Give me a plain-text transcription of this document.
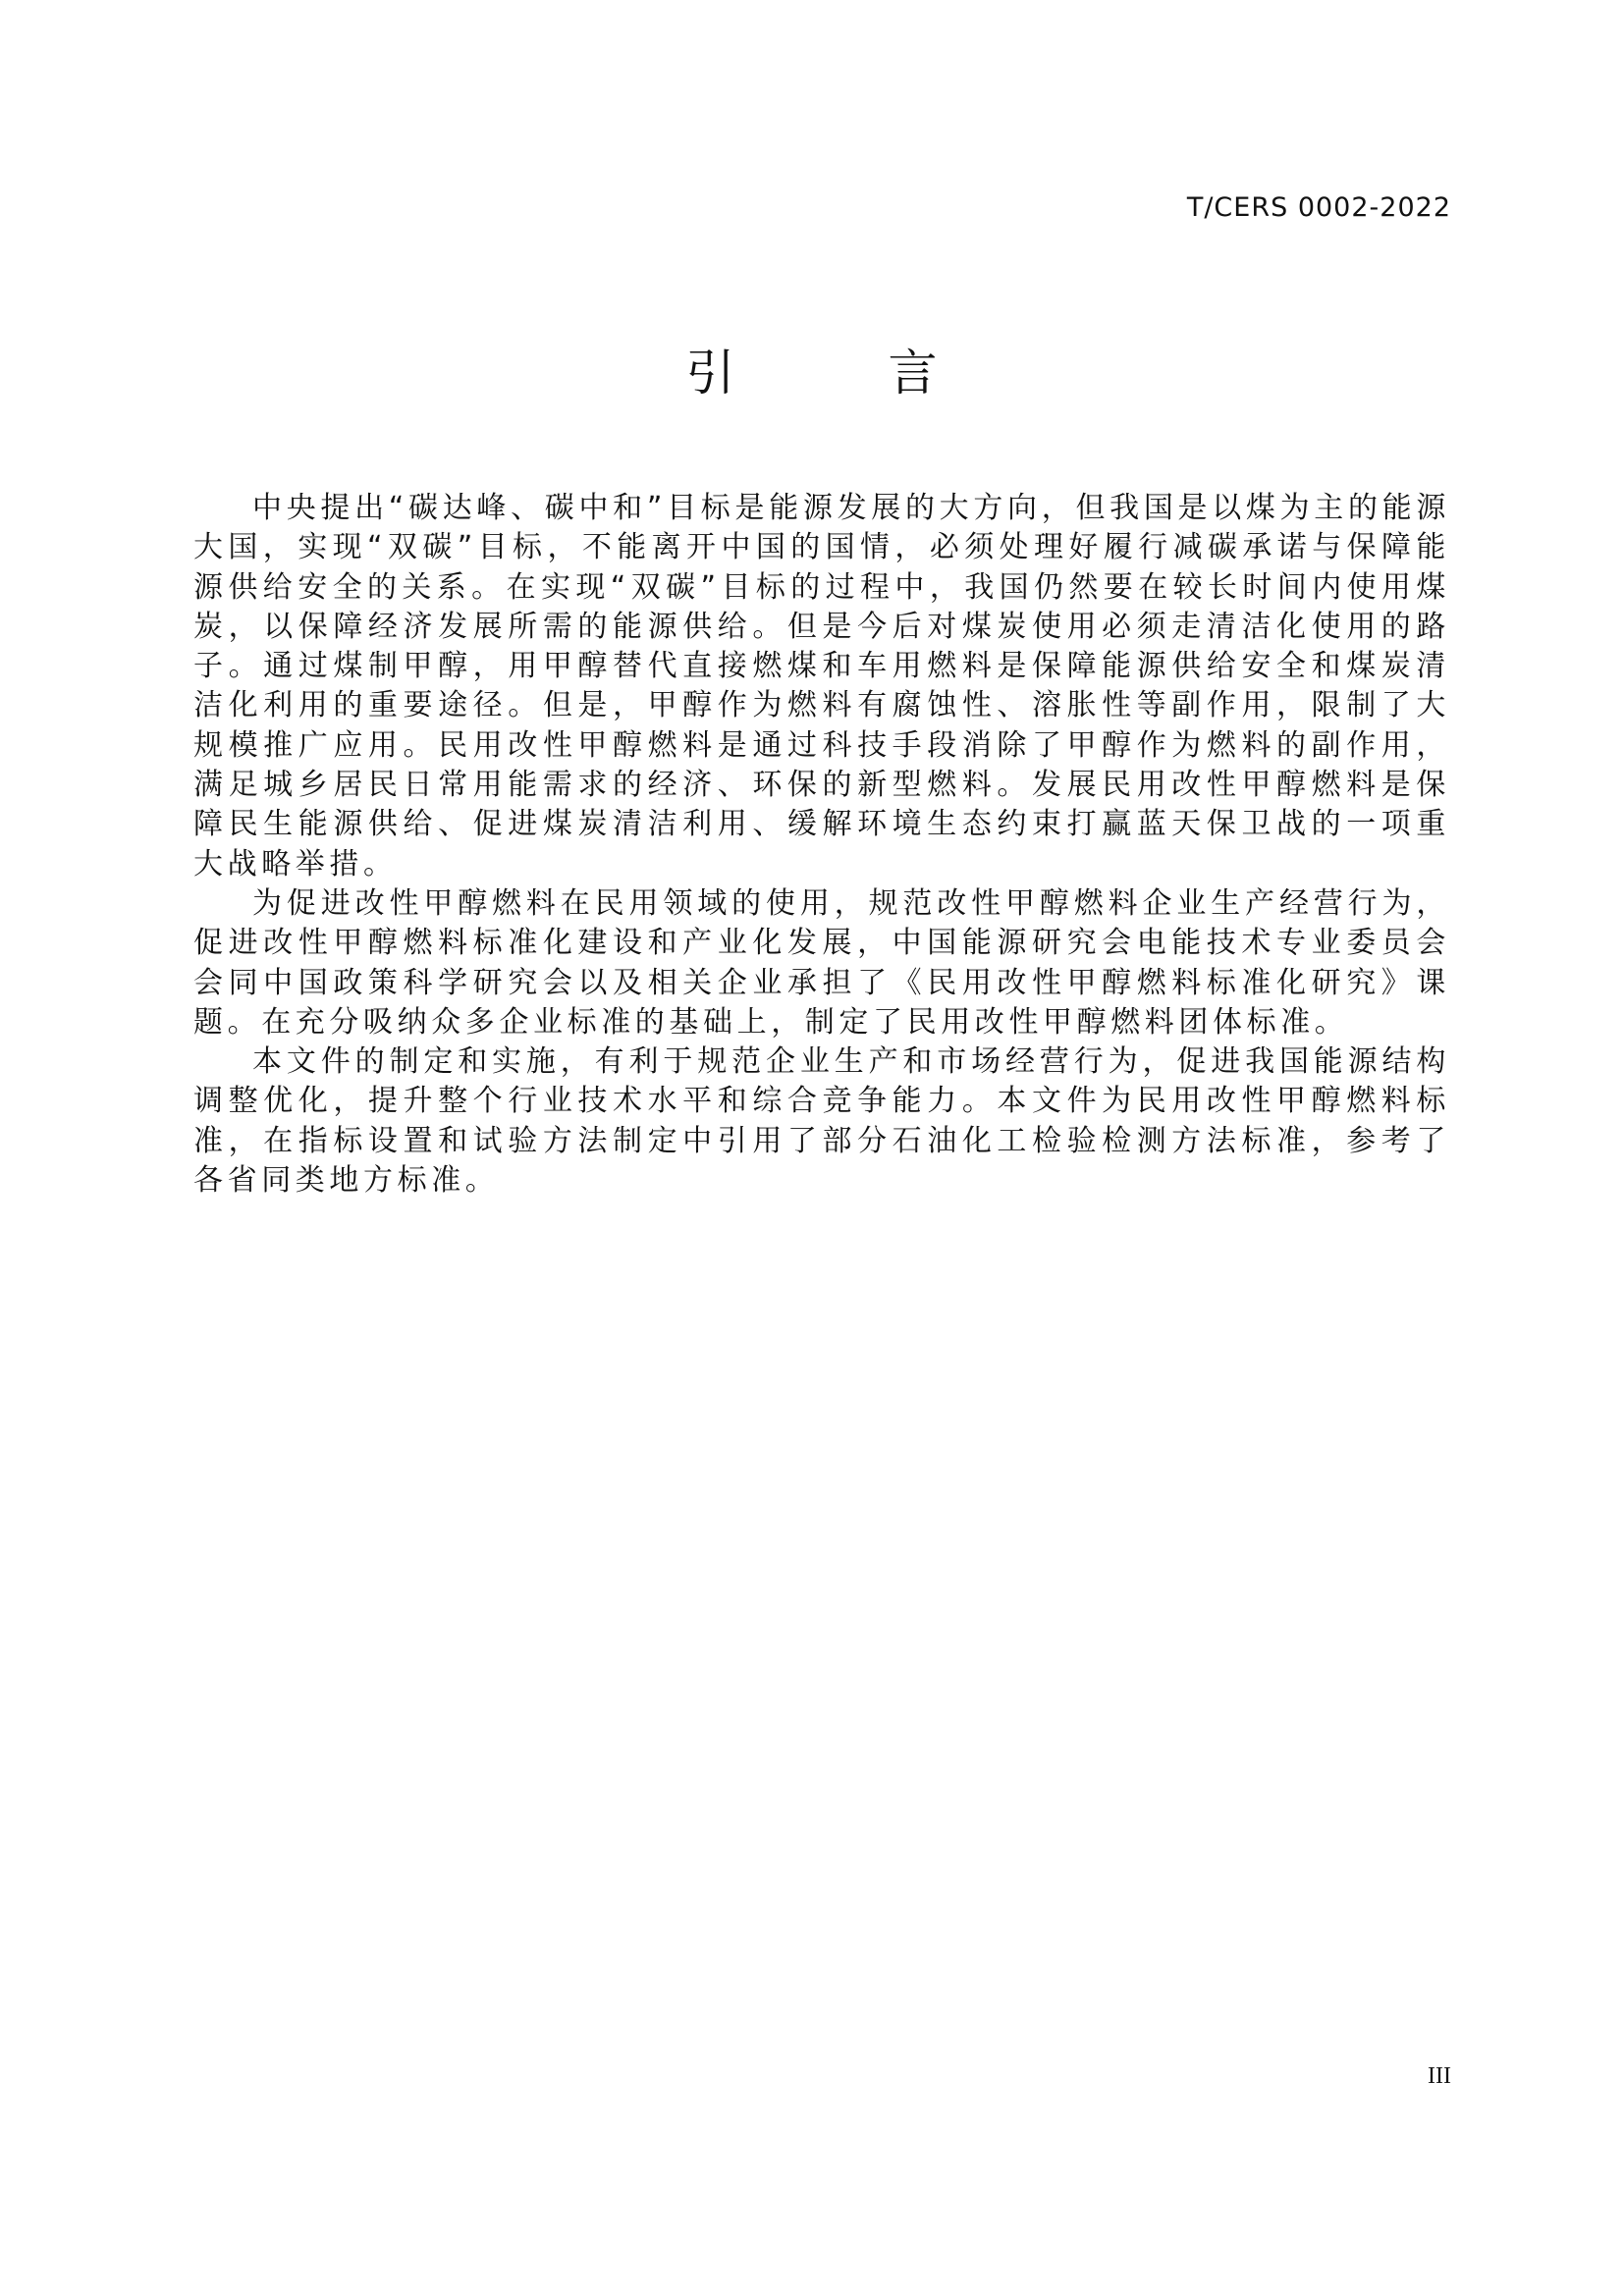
T/CERS 0002-2022
引 言

中央提出“碳达峰、碳中和”目标是能源发展的大方向，但我国是以煤为主的能源大国，实现“双碳”目标，不能离开中国的国情，必须处理好履行减碳承诺与保障能源供给安全的关系。在实现“双碳”目标的过程中，我国仍然要在较长时间内使用煤炭，以保障经济发展所需的能源供给。但是今后对煤炭使用必须走清洁化使用的路子。通过煤制甲醇，用甲醇替代直接燃煤和车用燃料是保障能源供给安全和煤炭清洁化利用的重要途径。但是，甲醇作为燃料有腐蚀性、溶胀性等副作用，限制了大规模推广应用。民用改性甲醇燃料是通过科技手段消除了甲醇作为燃料的副作用，满足城乡居民日常用能需求的经济、环保的新型燃料。发展民用改性甲醇燃料是保障民生能源供给、促进煤炭清洁利用、缓解环境生态约束打赢蓝天保卫战的一项重大战略举措。

为促进改性甲醇燃料在民用领域的使用，规范改性甲醇燃料企业生产经营行为，促进改性甲醇燃料标准化建设和产业化发展，中国能源研究会电能技术专业委员会会同中国政策科学研究会以及相关企业承担了《民用改性甲醇燃料标准化研究》课题。在充分吸纳众多企业标准的基础上，制定了民用改性甲醇燃料团体标准。

本文件的制定和实施，有利于规范企业生产和市场经营行为，促进我国能源结构调整优化，提升整个行业技术水平和综合竞争能力。本文件为民用改性甲醇燃料标准，在指标设置和试验方法制定中引用了部分石油化工检验检测方法标准，参考了各省同类地方标准。

III
